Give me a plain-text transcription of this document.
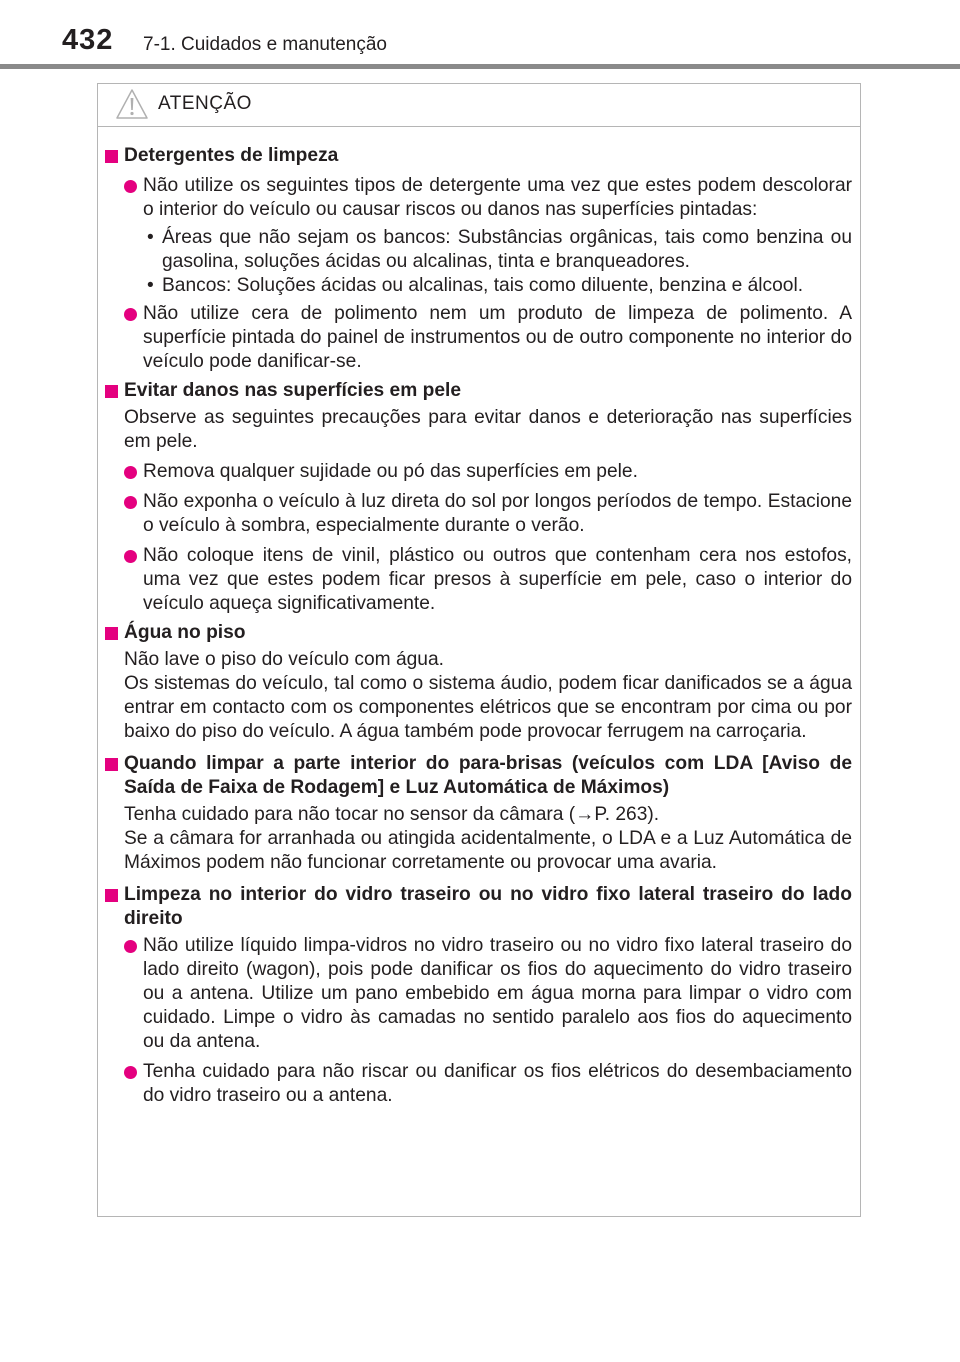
432 7-1. Cuidados e manutenção
ATENÇÃO
Detergentes de limpeza
Não utilize os seguintes tipos de detergente uma vez que estes podem descolorar o interior do veículo ou causar riscos ou danos nas superfícies pintadas:
• Áreas que não sejam os bancos: Substâncias orgânicas, tais como benzina ou gasolina, soluções ácidas ou alcalinas, tinta e branqueadores.
• Bancos: Soluções ácidas ou alcalinas, tais como diluente, benzina e álcool.
Não utilize cera de polimento nem um produto de limpeza de polimento. A superfície pintada do painel de instrumentos ou de outro componente no interior do veículo pode danificar-se.
Evitar danos nas superfícies em pele
Observe as seguintes precauções para evitar danos e deterioração nas superfícies em pele.
Remova qualquer sujidade ou pó das superfícies em pele.
Não exponha o veículo à luz direta do sol por longos períodos de tempo. Estacione o veículo à sombra, especialmente durante o verão.
Não coloque itens de vinil, plástico ou outros que contenham cera nos estofos, uma vez que estes podem ficar presos à superfície em pele, caso o interior do veículo aqueça significativamente.
Água no piso
Não lave o piso do veículo com água.
Os sistemas do veículo, tal como o sistema áudio, podem ficar danificados se a água entrar em contacto com os componentes elétricos que se encontram por cima ou por baixo do piso do veículo. A água também pode provocar ferrugem na carroçaria.
Quando limpar a parte interior do para-brisas (veículos com LDA [Aviso de Saída de Faixa de Rodagem] e Luz Automática de Máximos)
Tenha cuidado para não tocar no sensor da câmara (→P. 263).
Se a câmara for arranhada ou atingida acidentalmente, o LDA e a Luz Automática de Máximos podem não funcionar corretamente ou provocar uma avaria.
Limpeza no interior do vidro traseiro ou no vidro fixo lateral traseiro do lado direito
Não utilize líquido limpa-vidros no vidro traseiro ou no vidro fixo lateral traseiro do lado direito (wagon), pois pode danificar os fios do aquecimento do vidro traseiro ou a antena. Utilize um pano embebido em água morna para limpar o vidro com cuidado. Limpe o vidro às camadas no sentido paralelo aos fios do aquecimento ou da antena.
Tenha cuidado para não riscar ou danificar os fios elétricos do desembaciamento do vidro traseiro ou a antena.
